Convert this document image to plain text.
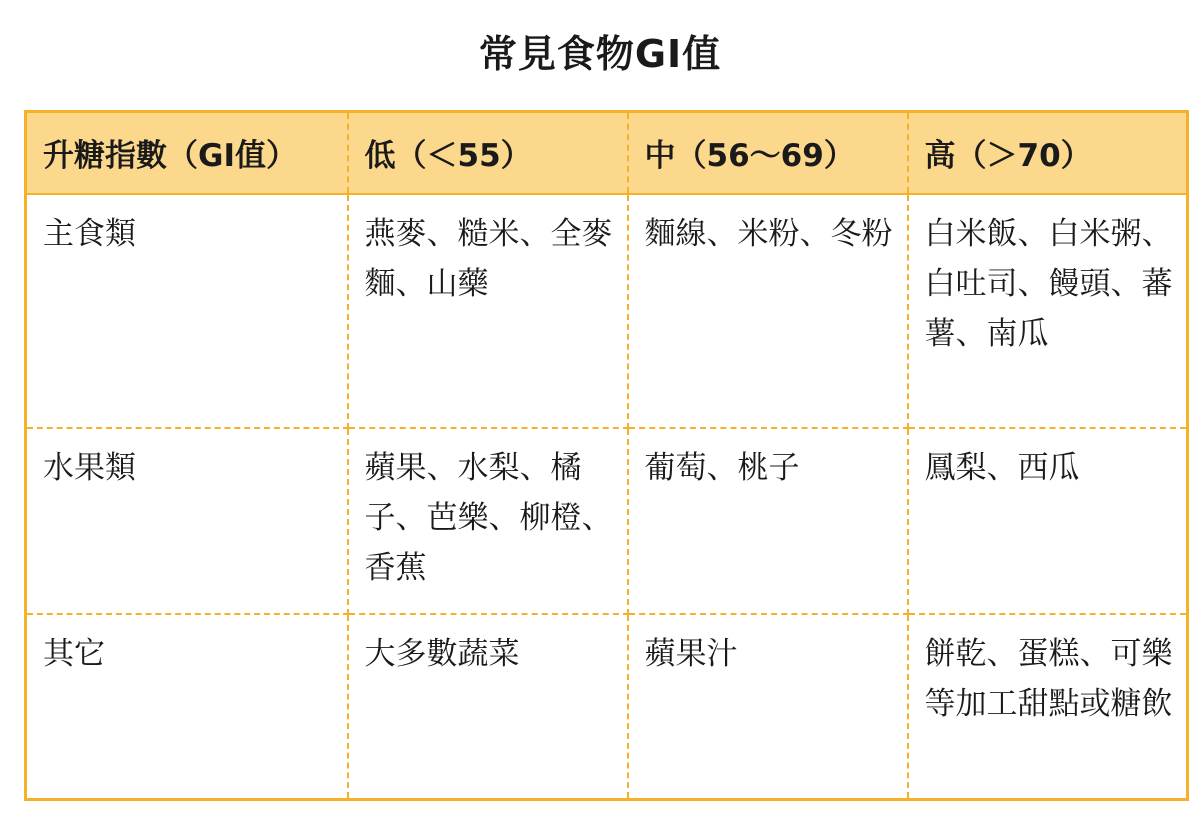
常見食物GI值
升糖指數（GI值）	低（＜55）	中（56～69）	高（＞70）
主食類	燕麥、糙米、全麥麵、山藥	麵線、米粉、冬粉	白米飯、白米粥、白吐司、饅頭、蕃薯、南瓜
水果類	蘋果、水梨、橘子、芭樂、柳橙、香蕉	葡萄、桃子	鳳梨、西瓜
其它	大多數蔬菜	蘋果汁	餅乾、蛋糕、可樂等加工甜點或糖飲
